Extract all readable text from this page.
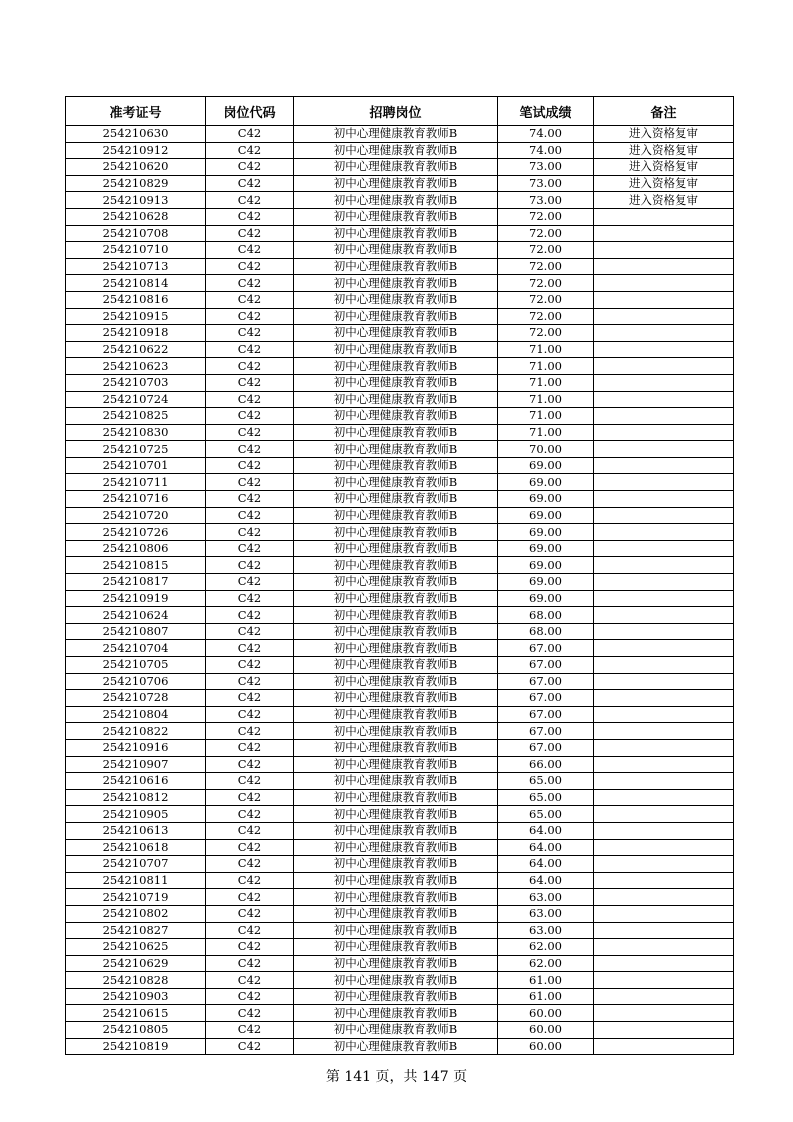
准考证号	岗位代码	招聘岗位	笔试成绩	备注
254210630	C42	初中心理健康教育教师B	74.00	进入资格复审
254210912	C42	初中心理健康教育教师B	74.00	进入资格复审
254210620	C42	初中心理健康教育教师B	73.00	进入资格复审
254210829	C42	初中心理健康教育教师B	73.00	进入资格复审
254210913	C42	初中心理健康教育教师B	73.00	进入资格复审
254210628	C42	初中心理健康教育教师B	72.00	
254210708	C42	初中心理健康教育教师B	72.00	
254210710	C42	初中心理健康教育教师B	72.00	
254210713	C42	初中心理健康教育教师B	72.00	
254210814	C42	初中心理健康教育教师B	72.00	
254210816	C42	初中心理健康教育教师B	72.00	
254210915	C42	初中心理健康教育教师B	72.00	
254210918	C42	初中心理健康教育教师B	72.00	
254210622	C42	初中心理健康教育教师B	71.00	
254210623	C42	初中心理健康教育教师B	71.00	
254210703	C42	初中心理健康教育教师B	71.00	
254210724	C42	初中心理健康教育教师B	71.00	
254210825	C42	初中心理健康教育教师B	71.00	
254210830	C42	初中心理健康教育教师B	71.00	
254210725	C42	初中心理健康教育教师B	70.00	
254210701	C42	初中心理健康教育教师B	69.00	
254210711	C42	初中心理健康教育教师B	69.00	
254210716	C42	初中心理健康教育教师B	69.00	
254210720	C42	初中心理健康教育教师B	69.00	
254210726	C42	初中心理健康教育教师B	69.00	
254210806	C42	初中心理健康教育教师B	69.00	
254210815	C42	初中心理健康教育教师B	69.00	
254210817	C42	初中心理健康教育教师B	69.00	
254210919	C42	初中心理健康教育教师B	69.00	
254210624	C42	初中心理健康教育教师B	68.00	
254210807	C42	初中心理健康教育教师B	68.00	
254210704	C42	初中心理健康教育教师B	67.00	
254210705	C42	初中心理健康教育教师B	67.00	
254210706	C42	初中心理健康教育教师B	67.00	
254210728	C42	初中心理健康教育教师B	67.00	
254210804	C42	初中心理健康教育教师B	67.00	
254210822	C42	初中心理健康教育教师B	67.00	
254210916	C42	初中心理健康教育教师B	67.00	
254210907	C42	初中心理健康教育教师B	66.00	
254210616	C42	初中心理健康教育教师B	65.00	
254210812	C42	初中心理健康教育教师B	65.00	
254210905	C42	初中心理健康教育教师B	65.00	
254210613	C42	初中心理健康教育教师B	64.00	
254210618	C42	初中心理健康教育教师B	64.00	
254210707	C42	初中心理健康教育教师B	64.00	
254210811	C42	初中心理健康教育教师B	64.00	
254210719	C42	初中心理健康教育教师B	63.00	
254210802	C42	初中心理健康教育教师B	63.00	
254210827	C42	初中心理健康教育教师B	63.00	
254210625	C42	初中心理健康教育教师B	62.00	
254210629	C42	初中心理健康教育教师B	62.00	
254210828	C42	初中心理健康教育教师B	61.00	
254210903	C42	初中心理健康教育教师B	61.00	
254210615	C42	初中心理健康教育教师B	60.00	
254210805	C42	初中心理健康教育教师B	60.00	
254210819	C42	初中心理健康教育教师B	60.00	
第 141 页，共 147 页
